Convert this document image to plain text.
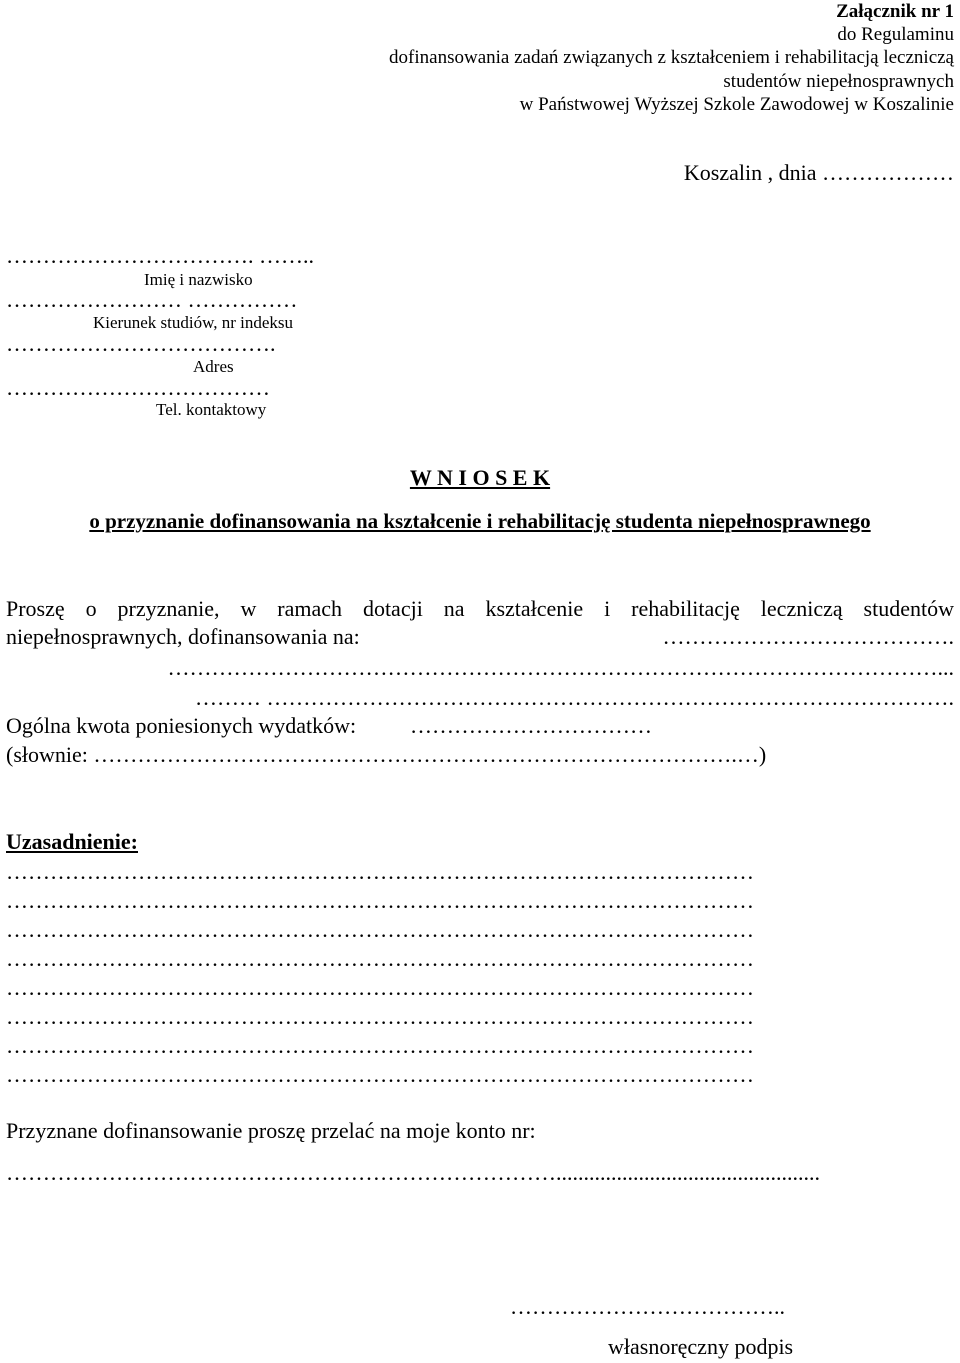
Załącznik nr 1
do Regulaminu
dofinansowania zadań związanych z kształceniem i rehabilitacją leczniczą
studentów niepełnosprawnych
w Państwowej Wyższej Szkole Zawodowej w Koszalinie
Koszalin , dnia ………………
……………………………. ……..
Imię i nazwisko
…………………… ……………
Kierunek studiów, nr indeksu
……………………………….
Adres
………………………………
Tel. kontaktowy
W N I O S E K
o przyznanie dofinansowania na kształcenie i rehabilitację studenta niepełnosprawnego
Proszę o przyznanie, w ramach dotacji na kształcenie i rehabilitację leczniczą studentów
niepełnosprawnych, dofinansowania na:	………………………………….
……………………………………………………………………………………………...
……… ………………………………………………………………………………….
Ogólna kwota poniesionych wydatków: ……………………………
(słownie: …………………………………………………………………………….…)
Uzasadnienie:
…………………………………………………………………………………………
…………………………………………………………………………………………
…………………………………………………………………………………………
…………………………………………………………………………………………
…………………………………………………………………………………………
…………………………………………………………………………………………
…………………………………………………………………………………………
…………………………………………………………………………………………
Przyznane dofinansowanie proszę przelać na moje konto nr:
…………………………………………………………………................................................
………………………………..
własnoręczny podpis
